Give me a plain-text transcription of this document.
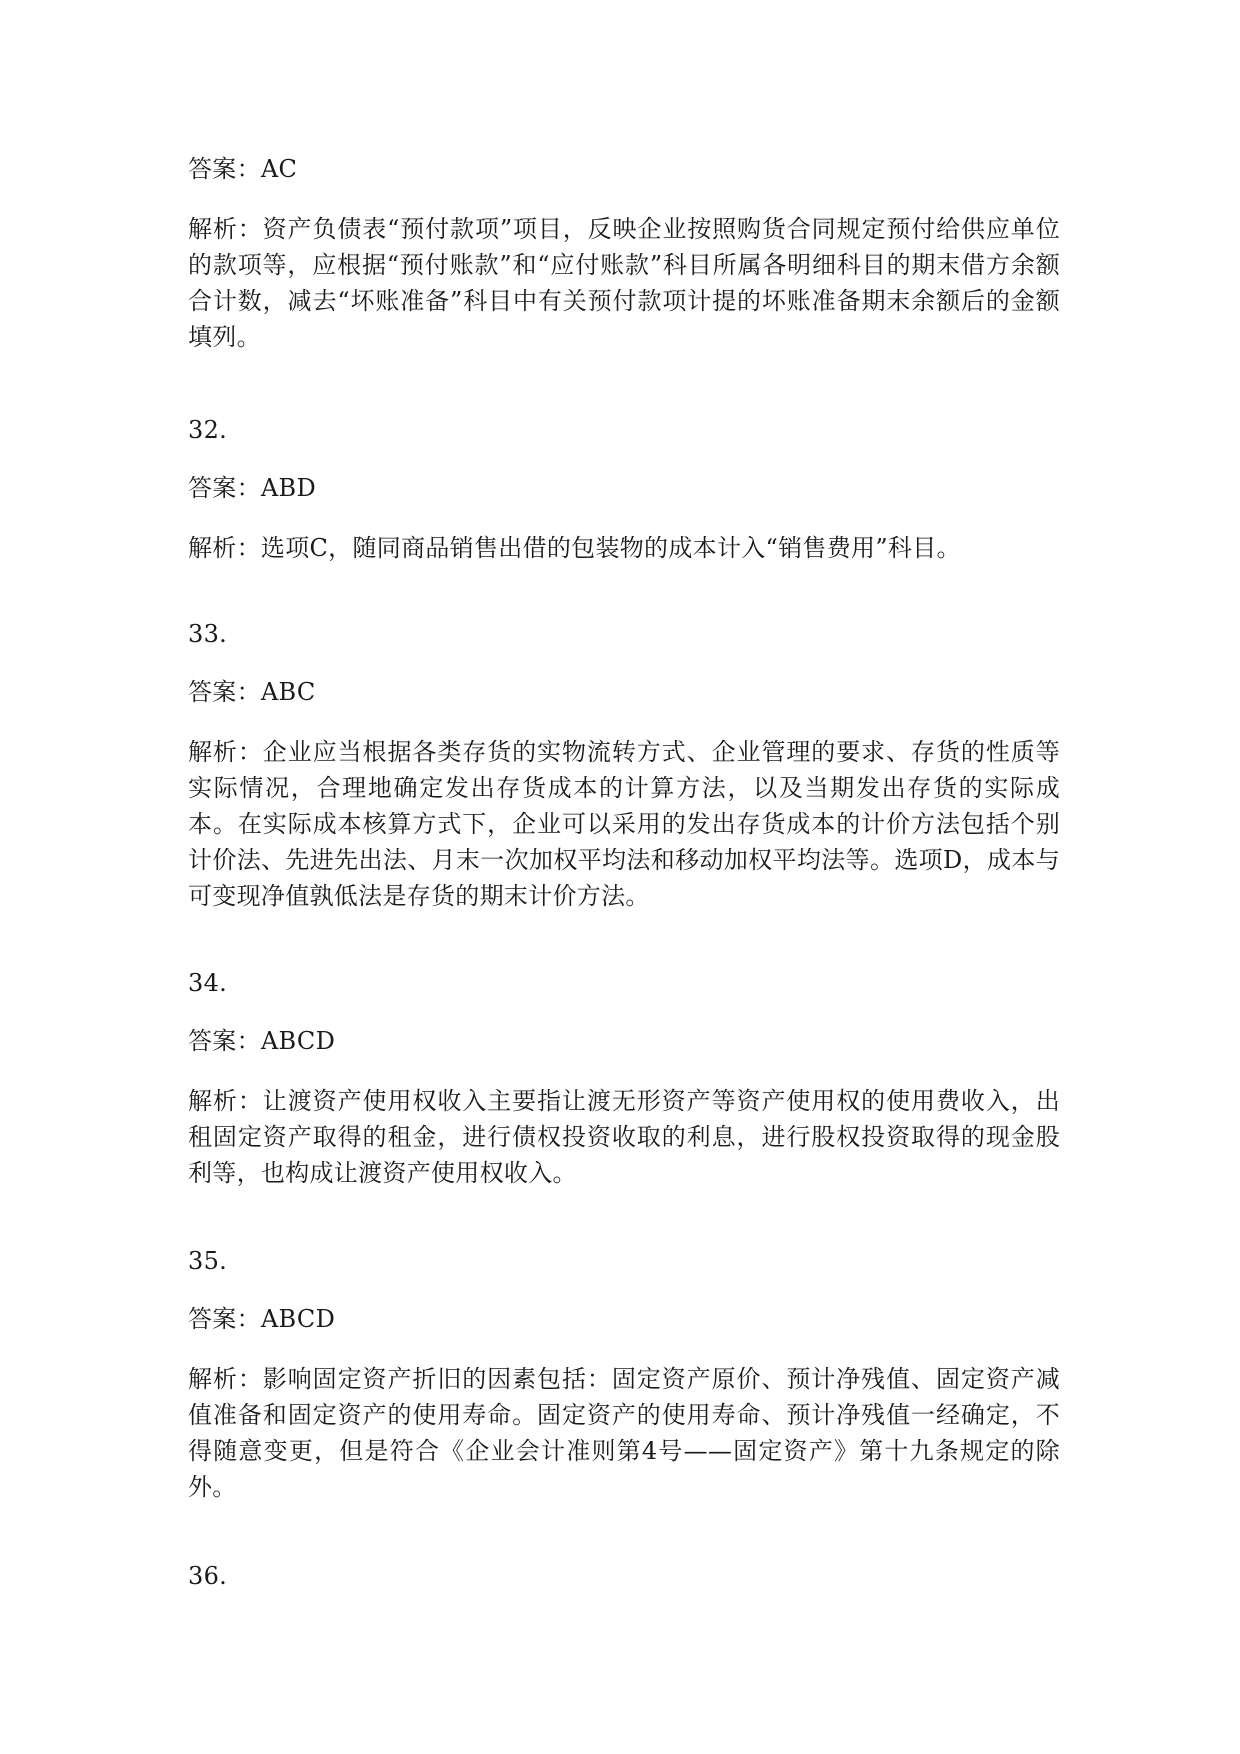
答案：AC

解析：资产负债表“预付款项”项目，反映企业按照购货合同规定预付给供应单位的款项等，应根据“预付账款”和“应付账款”科目所属各明细科目的期末借方余额合计数，减去“坏账准备”科目中有关预付款项计提的坏账准备期末余额后的金额填列。

32.

答案：ABD

解析：选项C，随同商品销售出借的包装物的成本计入“销售费用”科目。

33.

答案：ABC

解析：企业应当根据各类存货的实物流转方式、企业管理的要求、存货的性质等实际情况，合理地确定发出存货成本的计算方法，以及当期发出存货的实际成本。在实际成本核算方式下，企业可以采用的发出存货成本的计价方法包括个别计价法、先进先出法、月末一次加权平均法和移动加权平均法等。选项D，成本与可变现净值孰低法是存货的期末计价方法。

34.

答案：ABCD

解析：让渡资产使用权收入主要指让渡无形资产等资产使用权的使用费收入，出租固定资产取得的租金，进行债权投资收取的利息，进行股权投资取得的现金股利等，也构成让渡资产使用权收入。

35.

答案：ABCD

解析：影响固定资产折旧的因素包括：固定资产原价、预计净残值、固定资产减值准备和固定资产的使用寿命。固定资产的使用寿命、预计净残值一经确定，不得随意变更，但是符合《企业会计准则第4号——固定资产》第十九条规定的除外。

36.
